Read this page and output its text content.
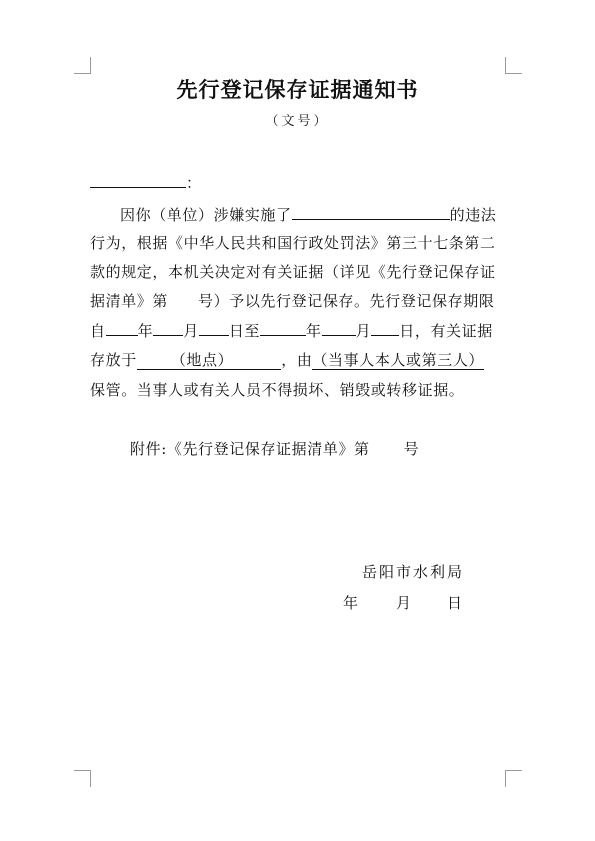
先行登记保存证据通知书
（文号）
：
因你（单位）涉嫌实施了	的违法
行为，根据《中华人民共和国行政处罚法》第三十七条第二
款的规定，本机关决定对有关证据（详见《先行登记保存证
据清单》第 号）予以先行登记保存。先行登记保存期限
自 年 月 日至	年 月 日，有关证据
存放于 （地点）	，由（当事人本人或第三人）
保管。当事人或有关人员不得损坏、销毁或转移证据。
附件:《先行登记保存证据清单》第 号
岳阳市水利局
年	月 日
